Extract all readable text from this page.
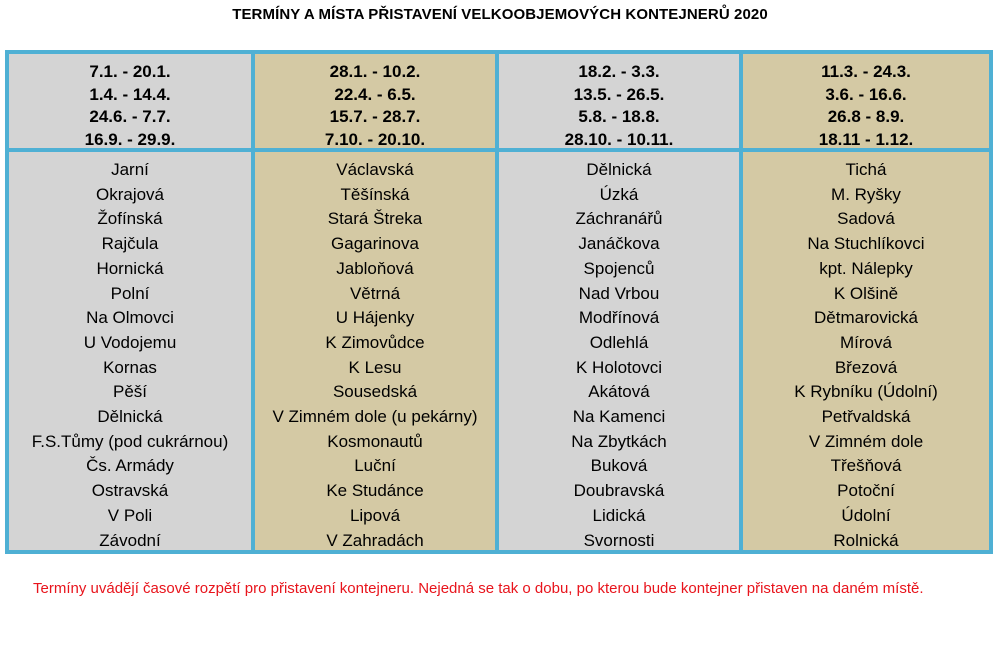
TERMÍNY A MÍSTA PŘISTAVENÍ VELKOOBJEMOVÝCH KONTEJNERŮ 2020
7.1. - 20.1.
1.4. - 14.4.
24.6. - 7.7.
16.9. - 29.9.
Jarní
Okrajová
Žofínská
Rajčula
Hornická
Polní
Na Olmovci
U Vodojemu
Kornas
Pěší
Dělnická
F.S.Tůmy (pod cukrárnou)
Čs. Armády
Ostravská
V Poli
Závodní
28.1. - 10.2.
22.4. - 6.5.
15.7. - 28.7.
7.10. - 20.10.
Václavská
Těšínská
Stará Štreka
Gagarinova
Jabloňová
Větrná
U Hájenky
K Zimovůdce
K Lesu
Sousedská
V Zimném dole (u pekárny)
Kosmonautů
Luční
Ke Studánce
Lipová
V Zahradách
18.2. - 3.3.
13.5. - 26.5.
5.8. - 18.8.
28.10. - 10.11.
Dělnická
Úzká
Záchranářů
Janáčkova
Spojenců
Nad Vrbou
Modřínová
Odlehlá
K Holotovci
Akátová
Na Kamenci
Na Zbytkách
Buková
Doubravská
Lidická
Svornosti
11.3. - 24.3.
3.6. - 16.6.
26.8 - 8.9.
18.11 - 1.12.
Tichá
M. Ryšky
Sadová
Na Stuchlíkovci
kpt. Nálepky
K Olšině
Dětmarovická
Mírová
Březová
K Rybníku (Údolní)
Petřvaldská
V Zimném dole
Třešňová
Potoční
Údolní
Rolnická
Termíny uvádějí časové rozpětí pro přistavení kontejneru. Nejedná se tak o dobu, po kterou bude kontejner přistaven na daném místě.
